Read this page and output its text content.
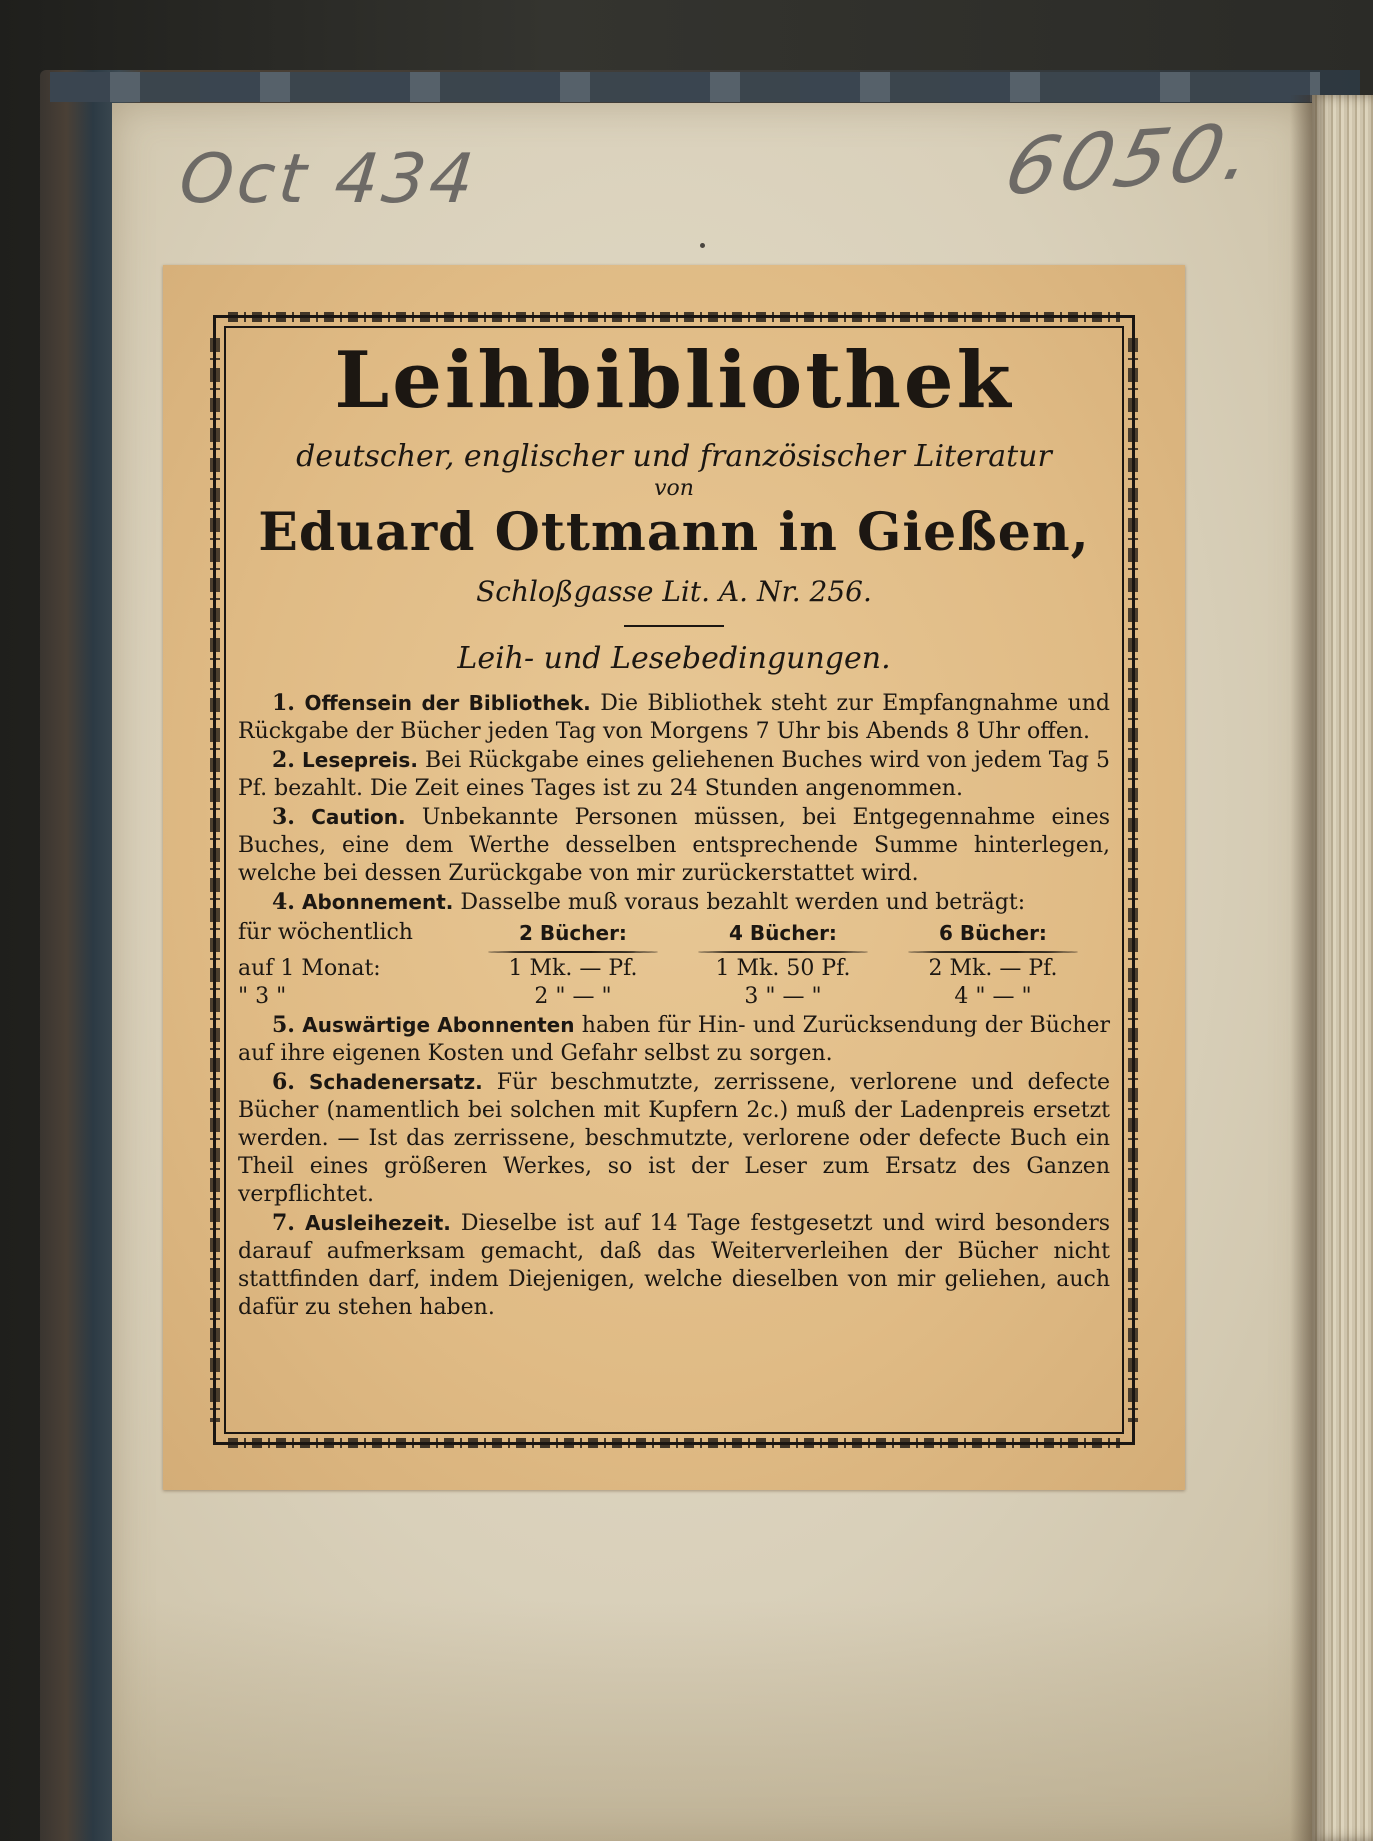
Oct 434	6050.
Leihbibliothek
deutscher, englischer und französischer Literatur
von
Eduard Ottmann in Gießen,
Schloßgasse Lit. A. Nr. 256.
Leih- und Lesebedingungen.
1. Offensein der Bibliothek. Die Bibliothek steht zur Empfangnahme und Rückgabe der Bücher jeden Tag von Morgens 7 Uhr bis Abends 8 Uhr offen.
2. Lesepreis. Bei Rückgabe eines geliehenen Buches wird von jedem Tag 5 Pf. bezahlt. Die Zeit eines Tages ist zu 24 Stunden angenommen.
3. Caution. Unbekannte Personen müssen, bei Entgegennahme eines Buches, eine dem Werthe desselben entsprechende Summe hinterlegen, welche bei dessen Zurückgabe von mir zurückerstattet wird.
4. Abonnement. Dasselbe muß voraus bezahlt werden und beträgt:
für wöchentlich	2 Bücher:	4 Bücher:	6 Bücher:
auf 1 Monat:	1 Mk. — Pf.	1 Mk. 50 Pf.	2 Mk. — Pf.
" 3 "	2 " — "	3 " — "	4 " — "
5. Auswärtige Abonnenten haben für Hin- und Zurücksendung der Bücher auf ihre eigenen Kosten und Gefahr selbst zu sorgen.
6. Schadenersatz. Für beschmutzte, zerrissene, verlorene und defecte Bücher (namentlich bei solchen mit Kupfern 2c.) muß der Ladenpreis ersetzt werden. — Ist das zerrissene, beschmutzte, verlorene oder defecte Buch ein Theil eines größeren Werkes, so ist der Leser zum Ersatz des Ganzen verpflichtet.
7. Ausleihezeit. Dieselbe ist auf 14 Tage festgesetzt und wird besonders darauf aufmerksam gemacht, daß das Weiterverleihen der Bücher nicht stattfinden darf, indem Diejenigen, welche dieselben von mir geliehen, auch dafür zu stehen haben.
